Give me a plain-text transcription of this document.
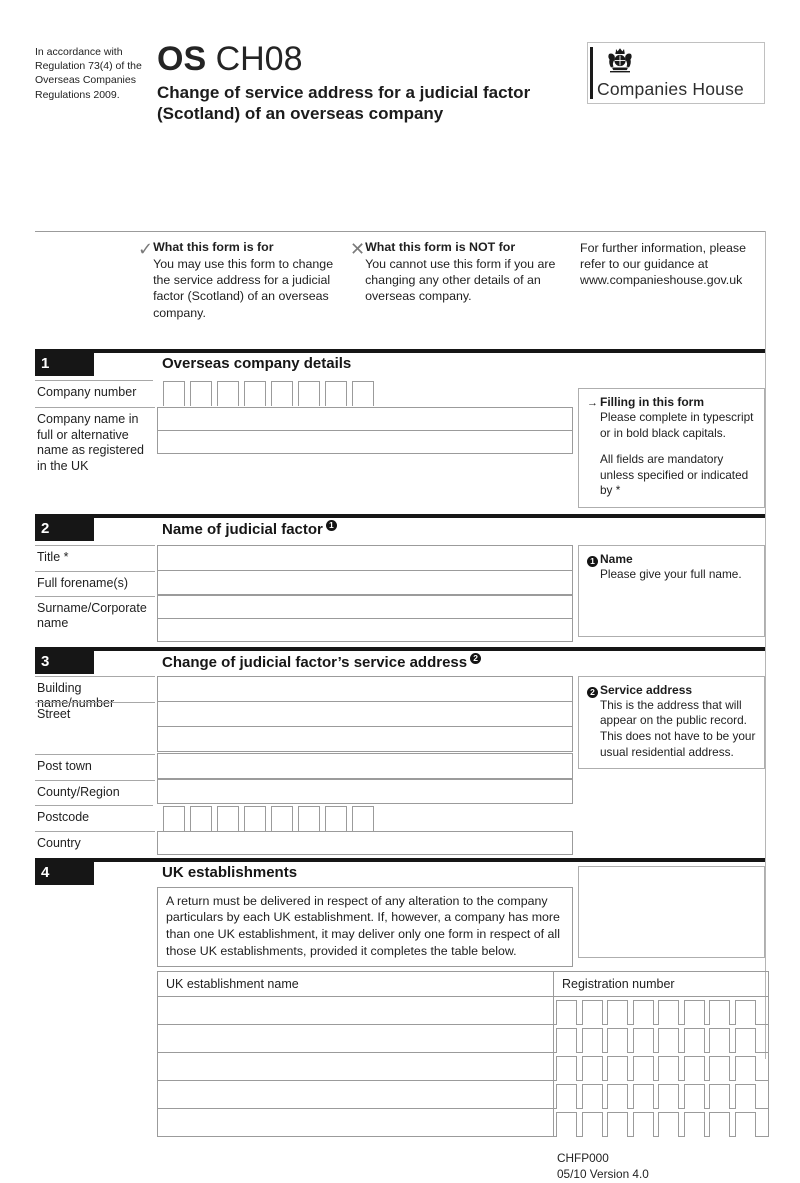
In accordance with Regulation 73(4) of the Overseas Companies Regulations 2009.
OS CH08
Change of service address for a judicial factor (Scotland) of an overseas company
Companies House
✓ What this form is for
You may use this form to change the service address for a judicial factor (Scotland) of an overseas company.
✕ What this form is NOT for
You cannot use this form if you are changing any other details of an overseas company.
For further information, please refer to our guidance at www.companieshouse.gov.uk
1	Overseas company details
Company number
Company name in full or alternative name as registered in the UK
→ Filling in this form
Please complete in typescript or in bold black capitals.
All fields are mandatory unless specified or indicated by *
2	Name of judicial factor 1
Title *
Full forename(s)
Surname/Corporate name
1 Name
Please give your full name.
3	Change of judicial factor’s service address 2
Building name/number
Street
Post town
County/Region
Postcode
Country
2 Service address
This is the address that will appear on the public record. This does not have to be your usual residential address.
4	UK establishments
A return must be delivered in respect of any alteration to the company particulars by each UK establishment. If, however, a company has more than one UK establishment, it may deliver only one form in respect of all those UK establishments, provided it completes the table below.
UK establishment name	Registration number
CHFP000
05/10 Version 4.0
